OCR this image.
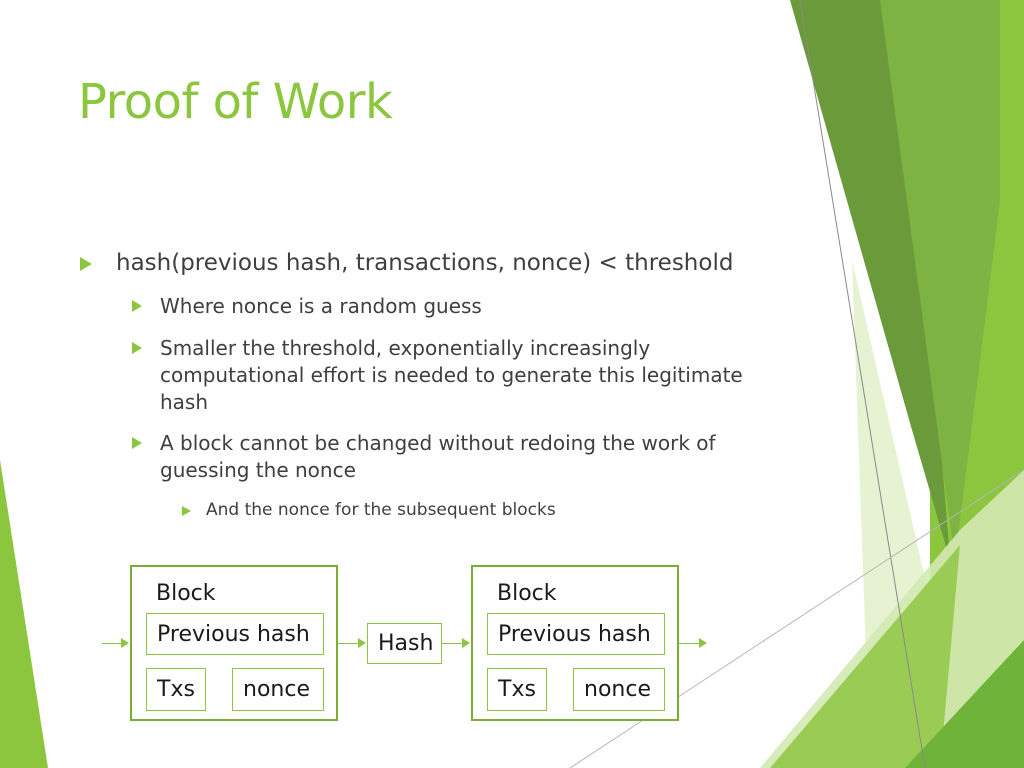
Proof of Work
hash(previous hash, transactions, nonce) < threshold
Where nonce is a random guess
Smaller the threshold, exponentially increasingly
computational effort is needed to generate this legitimate
hash
A block cannot be changed without redoing the work of
guessing the nonce
And the nonce for the subsequent blocks
Block
Previous hash
Txs	nonce
Hash
Block
Previous hash
Txs	nonce
